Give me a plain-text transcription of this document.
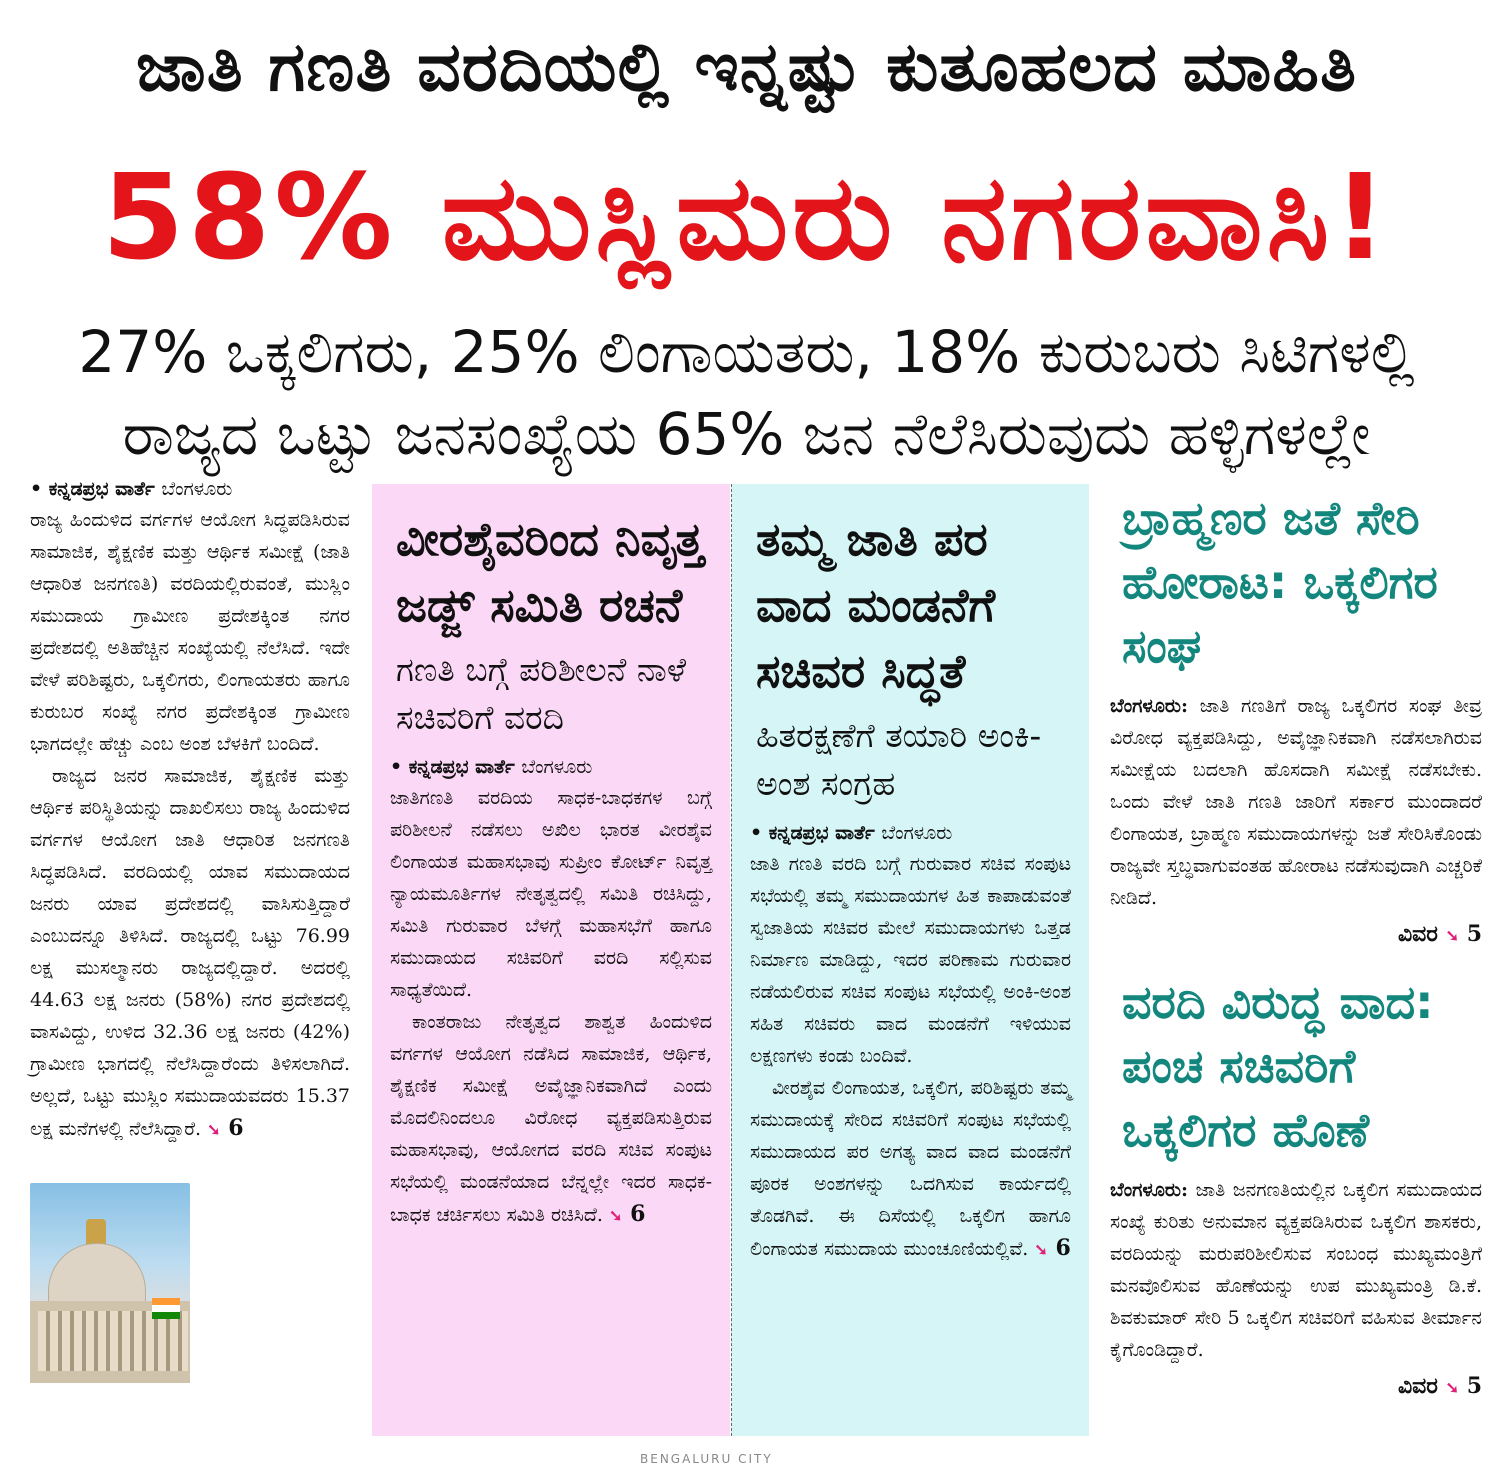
ಜಾತಿ ಗಣತಿ ವರದಿಯಲ್ಲಿ ಇನ್ನಷ್ಟು ಕುತೂಹಲದ ಮಾಹಿತಿ
58% ಮುಸ್ಲಿಮರು ನಗರವಾಸಿ!
27% ಒಕ್ಕಲಿಗರು, 25% ಲಿಂಗಾಯತರು, 18% ಕುರುಬರು ಸಿಟಿಗಳಲ್ಲಿ
ರಾಜ್ಯದ ಒಟ್ಟು ಜನಸಂಖ್ಯೆಯ 65% ಜನ ನೆಲೆಸಿರುವುದು ಹಳ್ಳಿಗಳಲ್ಲೇ
• ಕನ್ನಡಪ್ರಭ ವಾರ್ತೆ ಬೆಂಗಳೂರು

ರಾಜ್ಯ ಹಿಂದುಳಿದ ವರ್ಗಗಳ ಆಯೋಗ ಸಿದ್ಧಪಡಿಸಿರುವ ಸಾಮಾಜಿಕ, ಶೈಕ್ಷಣಿಕ ಮತ್ತು ಆರ್ಥಿಕ ಸಮೀಕ್ಷೆ (ಜಾತಿ ಆಧಾರಿತ ಜನಗಣತಿ) ವರದಿಯಲ್ಲಿರುವಂತೆ, ಮುಸ್ಲಿಂ ಸಮುದಾಯ ಗ್ರಾಮೀಣ ಪ್ರದೇಶಕ್ಕಿಂತ ನಗರ ಪ್ರದೇಶದಲ್ಲಿ ಅತಿಹೆಚ್ಚಿನ ಸಂಖ್ಯೆಯಲ್ಲಿ ನೆಲೆಸಿದೆ. ಇದೇ ವೇಳೆ ಪರಿಶಿಷ್ಟರು, ಒಕ್ಕಲಿಗರು, ಲಿಂಗಾಯತರು ಹಾಗೂ ಕುರುಬರ ಸಂಖ್ಯೆ ನಗರ ಪ್ರದೇಶಕ್ಕಿಂತ ಗ್ರಾಮೀಣ ಭಾಗದಲ್ಲೇ ಹೆಚ್ಚು ಎಂಬ ಅಂಶ ಬೆಳಕಿಗೆ ಬಂದಿದೆ.

ರಾಜ್ಯದ ಜನರ ಸಾಮಾಜಿಕ, ಶೈಕ್ಷಣಿಕ ಮತ್ತು ಆರ್ಥಿಕ ಪರಿಸ್ಥಿತಿಯನ್ನು ದಾಖಲಿಸಲು ರಾಜ್ಯ ಹಿಂದುಳಿದ ವರ್ಗಗಳ ಆಯೋಗ ಜಾತಿ ಆಧಾರಿತ ಜನಗಣತಿ ಸಿದ್ಧಪಡಿಸಿದೆ. ವರದಿಯಲ್ಲಿ ಯಾವ ಸಮುದಾಯದ ಜನರು ಯಾವ ಪ್ರದೇಶದಲ್ಲಿ ವಾಸಿಸುತ್ತಿದ್ದಾರೆ ಎಂಬುದನ್ನೂ ತಿಳಿಸಿದೆ. ರಾಜ್ಯದಲ್ಲಿ ಒಟ್ಟು 76.99 ಲಕ್ಷ ಮುಸಲ್ಮಾನರು ರಾಜ್ಯದಲ್ಲಿದ್ದಾರೆ. ಅದರಲ್ಲಿ 44.63 ಲಕ್ಷ ಜನರು (58%) ನಗರ ಪ್ರದೇಶದಲ್ಲಿ ವಾಸವಿದ್ದು, ಉಳಿದ 32.36 ಲಕ್ಷ ಜನರು (42%) ಗ್ರಾಮೀಣ ಭಾಗದಲ್ಲಿ ನೆಲೆಸಿದ್ದಾರೆಂದು ತಿಳಿಸಲಾಗಿದೆ. ಅಲ್ಲದೆ, ಒಟ್ಟು ಮುಸ್ಲಿಂ ಸಮುದಾಯವದರು 15.37 ಲಕ್ಷ ಮನೆಗಳಲ್ಲಿ ನೆಲೆಸಿದ್ದಾರೆ. ➘ 6

ವೀರಶೈವರಿಂದ ನಿವೃತ್ತ ಜಡ್ಜ್ ಸಮಿತಿ ರಚನೆ
ಗಣತಿ ಬಗ್ಗೆ ಪರಿಶೀಲನೆ ನಾಳೆ ಸಚಿವರಿಗೆ ವರದಿ
• ಕನ್ನಡಪ್ರಭ ವಾರ್ತೆ ಬೆಂಗಳೂರು

ಜಾತಿಗಣತಿ ವರದಿಯ ಸಾಧಕ-ಬಾಧಕಗಳ ಬಗ್ಗೆ ಪರಿಶೀಲನೆ ನಡೆಸಲು ಅಖಿಲ ಭಾರತ ವೀರಶೈವ ಲಿಂಗಾಯತ ಮಹಾಸಭಾವು ಸುಪ್ರೀಂ ಕೋರ್ಟ್ ನಿವೃತ್ತ ನ್ಯಾಯಮೂರ್ತಿಗಳ ನೇತೃತ್ವದಲ್ಲಿ ಸಮಿತಿ ರಚಿಸಿದ್ದು, ಸಮಿತಿ ಗುರುವಾರ ಬೆಳಗ್ಗೆ ಮಹಾಸಭೆಗೆ ಹಾಗೂ ಸಮುದಾಯದ ಸಚಿವರಿಗೆ ವರದಿ ಸಲ್ಲಿಸುವ ಸಾಧ್ಯತೆಯಿದೆ.

ಕಾಂತರಾಜು ನೇತೃತ್ವದ ಶಾಶ್ವತ ಹಿಂದುಳಿದ ವರ್ಗಗಳ ಆಯೋಗ ನಡೆಸಿದ ಸಾಮಾಜಿಕ, ಆರ್ಥಿಕ, ಶೈಕ್ಷಣಿಕ ಸಮೀಕ್ಷೆ ಅವೈಜ್ಞಾನಿಕವಾಗಿದೆ ಎಂದು ಮೊದಲಿನಿಂದಲೂ ವಿರೋಧ ವ್ಯಕ್ತಪಡಿಸುತ್ತಿರುವ ಮಹಾಸಭಾವು, ಆಯೋಗದ ವರದಿ ಸಚಿವ ಸಂಪುಟ ಸಭೆಯಲ್ಲಿ ಮಂಡನೆಯಾದ ಬೆನ್ನಲ್ಲೇ ಇದರ ಸಾಧಕ-ಬಾಧಕ ಚರ್ಚಿಸಲು ಸಮಿತಿ ರಚಿಸಿದೆ. ➘ 6

ತಮ್ಮ ಜಾತಿ ಪರ ವಾದ ಮಂಡನೆಗೆ ಸಚಿವರ ಸಿದ್ಧತೆ
ಹಿತರಕ್ಷಣೆಗೆ ತಯಾರಿ ಅಂಕಿ-ಅಂಶ ಸಂಗ್ರಹ
• ಕನ್ನಡಪ್ರಭ ವಾರ್ತೆ ಬೆಂಗಳೂರು

ಜಾತಿ ಗಣತಿ ವರದಿ ಬಗ್ಗೆ ಗುರುವಾರ ಸಚಿವ ಸಂಪುಟ ಸಭೆಯಲ್ಲಿ ತಮ್ಮ ಸಮುದಾಯಗಳ ಹಿತ ಕಾಪಾಡುವಂತೆ ಸ್ವಜಾತಿಯ ಸಚಿವರ ಮೇಲೆ ಸಮುದಾಯಗಳು ಒತ್ತಡ ನಿರ್ಮಾಣ ಮಾಡಿದ್ದು, ಇದರ ಪರಿಣಾಮ ಗುರುವಾರ ನಡೆಯಲಿರುವ ಸಚಿವ ಸಂಪುಟ ಸಭೆಯಲ್ಲಿ ಅಂಕಿ-ಅಂಶ ಸಹಿತ ಸಚಿವರು ವಾದ ಮಂಡನೆಗೆ ಇಳಿಯುವ ಲಕ್ಷಣಗಳು ಕಂಡು ಬಂದಿವೆ.

ವೀರಶೈವ ಲಿಂಗಾಯತ, ಒಕ್ಕಲಿಗ, ಪರಿಶಿಷ್ಟರು ತಮ್ಮ ಸಮುದಾಯಕ್ಕೆ ಸೇರಿದ ಸಚಿವರಿಗೆ ಸಂಪುಟ ಸಭೆಯಲ್ಲಿ ಸಮುದಾಯದ ಪರ ಅಗತ್ಯ ವಾದ ವಾದ ಮಂಡನೆಗೆ ಪೂರಕ ಅಂಶಗಳನ್ನು ಒದಗಿಸುವ ಕಾರ್ಯದಲ್ಲಿ ತೊಡಗಿವೆ. ಈ ದಿಸೆಯಲ್ಲಿ ಒಕ್ಕಲಿಗ ಹಾಗೂ ಲಿಂಗಾಯತ ಸಮುದಾಯ ಮುಂಚೂಣಿಯಲ್ಲಿವೆ. ➘ 6

ಬ್ರಾಹ್ಮಣರ ಜತೆ ಸೇರಿ ಹೋರಾಟ: ಒಕ್ಕಲಿಗರ ಸಂಘ

ಬೆಂಗಳೂರು: ಜಾತಿ ಗಣತಿಗೆ ರಾಜ್ಯ ಒಕ್ಕಲಿಗರ ಸಂಘ ತೀವ್ರ ವಿರೋಧ ವ್ಯಕ್ತಪಡಿಸಿದ್ದು, ಅವೈಜ್ಞಾನಿಕವಾಗಿ ನಡೆಸಲಾಗಿರುವ ಸಮೀಕ್ಷೆಯ ಬದಲಾಗಿ ಹೊಸದಾಗಿ ಸಮೀಕ್ಷೆ ನಡೆಸಬೇಕು. ಒಂದು ವೇಳೆ ಜಾತಿ ಗಣತಿ ಜಾರಿಗೆ ಸರ್ಕಾರ ಮುಂದಾದರೆ ಲಿಂಗಾಯತ, ಬ್ರಾಹ್ಮಣ ಸಮುದಾಯಗಳನ್ನು ಜತೆ ಸೇರಿಸಿಕೊಂಡು ರಾಜ್ಯವೇ ಸ್ತಬ್ಧವಾಗುವಂತಹ ಹೋರಾಟ ನಡೆಸುವುದಾಗಿ ಎಚ್ಚರಿಕೆ ನೀಡಿದೆ.

ವಿವರ ➘ 5
ವರದಿ ವಿರುದ್ಧ ವಾದ: ಪಂಚ ಸಚಿವರಿಗೆ ಒಕ್ಕಲಿಗರ ಹೊಣೆ

ಬೆಂಗಳೂರು: ಜಾತಿ ಜನಗಣತಿಯಲ್ಲಿನ ಒಕ್ಕಲಿಗ ಸಮುದಾಯದ ಸಂಖ್ಯೆ ಕುರಿತು ಅನುಮಾನ ವ್ಯಕ್ತಪಡಿಸಿರುವ ಒಕ್ಕಲಿಗ ಶಾಸಕರು, ವರದಿಯನ್ನು ಮರುಪರಿಶೀಲಿಸುವ ಸಂಬಂಧ ಮುಖ್ಯಮಂತ್ರಿಗೆ ಮನವೊಲಿಸುವ ಹೊಣೆಯನ್ನು ಉಪ ಮುಖ್ಯಮಂತ್ರಿ ಡಿ.ಕೆ. ಶಿವಕುಮಾರ್ ಸೇರಿ 5 ಒಕ್ಕಲಿಗ ಸಚಿವರಿಗೆ ವಹಿಸುವ ತೀರ್ಮಾನ ಕೈಗೊಂಡಿದ್ದಾರೆ.

ವಿವರ ➘ 5
BENGALURU CITY
